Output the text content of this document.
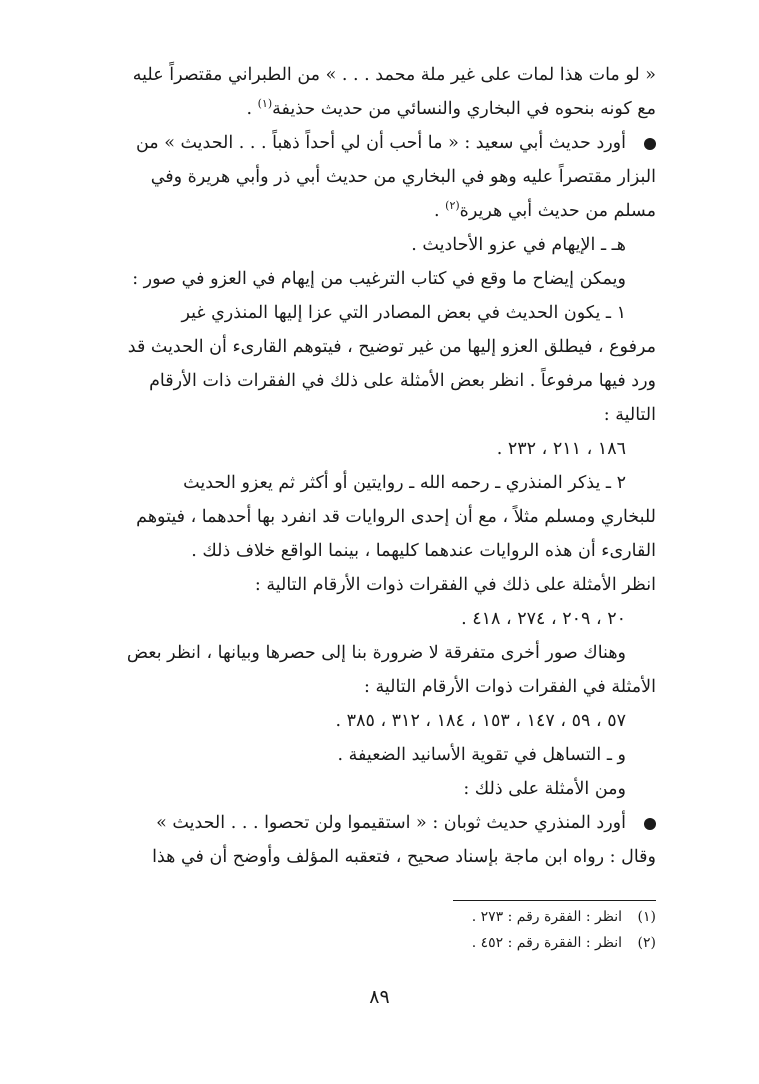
« لو مات هذا لمات على غير ملة محمد . . . » من الطبراني مقتصراً عليه
مع كونه بنحوه في البخاري والنسائي من حديث حذيفة$^{(١)}$ .
أورد حديث أبي سعيد : « ما أحب أن لي أحداً ذهباً . . . الحديث » من
البزار مقتصراً عليه وهو في البخاري من حديث أبي ذر وأبي هريرة وفي
مسلم من حديث أبي هريرة$^{(٢)}$ .
هـ ـ الإيهام في عزو الأحاديث .
ويمكن إيضاح ما وقع في كتاب الترغيب من إيهام في العزو في صور :
١ ـ يكون الحديث في بعض المصادر التي عزا إليها المنذري غير
مرفوع ، فيطلق العزو إليها من غير توضيح ، فيتوهم القارىء أن الحديث قد
ورد فيها مرفوعاً . انظر بعض الأمثلة على ذلك في الفقرات ذات الأرقام
التالية :
١٨٦ ، ٢١١ ، ٢٣٢ .
٢ ـ يذكر المنذري ـ رحمه الله ـ روايتين أو أكثر ثم يعزو الحديث
للبخاري ومسلم مثلاً ، مع أن إحدى الروايات قد انفرد بها أحدهما ، فيتوهم
القارىء أن هذه الروايات عندهما كليهما ، بينما الواقع خلاف ذلك .
انظر الأمثلة على ذلك في الفقرات ذوات الأرقام التالية :
٢٠ ، ٢٠٩ ، ٢٧٤ ، ٤١٨ .
وهناك صور أخرى متفرقة لا ضرورة بنا إلى حصرها وبيانها ، انظر بعض
الأمثلة في الفقرات ذوات الأرقام التالية :
٥٧ ، ٥٩ ، ١٤٧ ، ١٥٣ ، ١٨٤ ، ٣١٢ ، ٣٨٥ .
و ـ التساهل في تقوية الأسانيد الضعيفة .
ومن الأمثلة على ذلك :
أورد المنذري حديث ثوبان : « استقيموا ولن تحصوا . . . الحديث »
وقال : رواه ابن ماجة بإسناد صحيح ، فتعقبه المؤلف وأوضح أن في هذا
(١)انظر : الفقرة رقم : ٢٧٣ .
(٢)انظر : الفقرة رقم : ٤٥٢ .
٨٩
